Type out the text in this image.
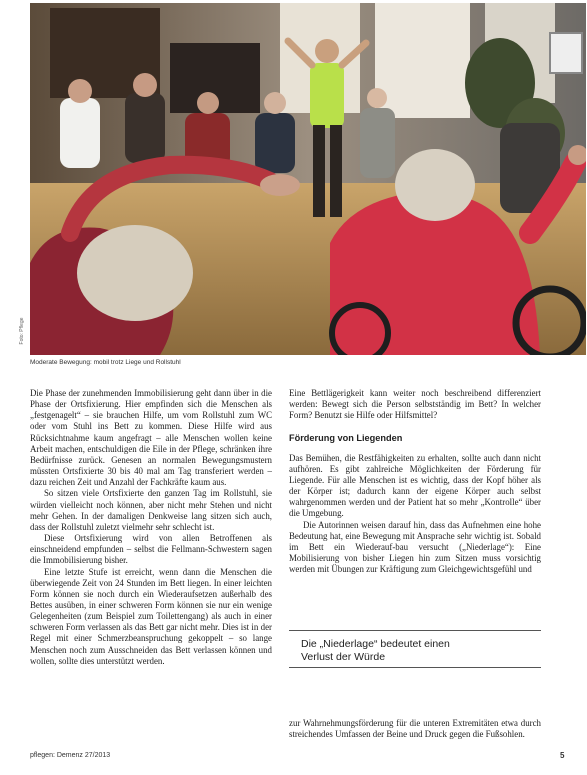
Foto: Pflege
Moderate Bewegung: mobil trotz Liege und Rollstuhl

Die Phase der zunehmenden Immobilisierung geht dann über in die Phase der Ortsfixierung. Hier empfinden sich die Menschen als „festgenagelt“ – sie brauchen Hilfe, um vom Rollstuhl zum WC oder vom Stuhl ins Bett zu kommen. Diese Hilfe wird aus Rücksichtnahme kaum angefragt – alle Menschen wollen keine Arbeit machen, entschuldigen die Eile in der Pflege, schränken ihre Bedürfnisse zurück. Genesen an normalen Bewegungsmustern müssten Ortsfixierte 30 bis 40 mal am Tag transferiert werden – dazu reichen Zeit und Anzahl der Fachkräfte kaum aus.

So sitzen viele Ortsfixierte den ganzen Tag im Rollstuhl, sie würden vielleicht noch können, aber nicht mehr Stehen und nicht mehr Gehen. In der damaligen Denkweise lang sitzen sich auch, dass der Rollstuhl zuletzt vielmehr sehr schlecht ist.

Diese Ortsfixierung wird von allen Betroffenen als einschneidend empfunden – selbst die Fellmann-Schwestern sagen die Immobilisierung bisher.

Eine letzte Stufe ist erreicht, wenn dann die Menschen die überwiegende Zeit von 24 Stunden im Bett liegen. In einer leichten Form können sie noch durch ein Wiederaufsetzen außerhalb des Bettes ausüben, in einer schweren Form können sie nur ein wenige Gelegenheiten (zum Beispiel zum Toilettengang) als auch in einer schweren Form verlassen als das Bett gar nicht mehr. Dies ist in der Regel mit einer Schmerzbeanspruchung gekoppelt – so lange Menschen noch zum Ausschneiden das Bett verlassen können und wollen, sollte dies unterstützt werden.

Eine Bettlägerigkeit kann weiter noch beschreibend differenziert werden: Bewegt sich die Person selbstständig im Bett? In welcher Form? Benutzt sie Hilfe oder Hilfsmittel?

Förderung von Liegenden

Das Bemühen, die Restfähigkeiten zu erhalten, sollte auch dann nicht aufhören. Es gibt zahlreiche Möglichkeiten der Förderung für Liegende. Für alle Menschen ist es wichtig, dass der Kopf höher als der Körper ist; dadurch kann der eigene Körper auch selbst wahrgenommen werden und der Patient hat so mehr „Kontrolle“ über die Umgebung.

Die Autorinnen weisen darauf hin, dass das Aufnehmen eine hohe Bedeutung hat, eine Bewegung mit Ansprache sehr wichtig ist. Sobald im Bett ein Wiederauf-bau versucht („Niederlage“): Eine Mobilisierung von bisher Liegen hin zum Sitzen muss vorsichtig werden mit Übungen zur Kräftigung zum Gleichgewichtsgefühl und

Die „Niederlage“ bedeutet einen
Verlust der Würde
zur Wahrnehmungsförderung für die unteren Extremitäten etwa durch streichendes Umfassen der Beine und Druck gegen die Fußsohlen.
pflegen: Demenz 27/2013	5
